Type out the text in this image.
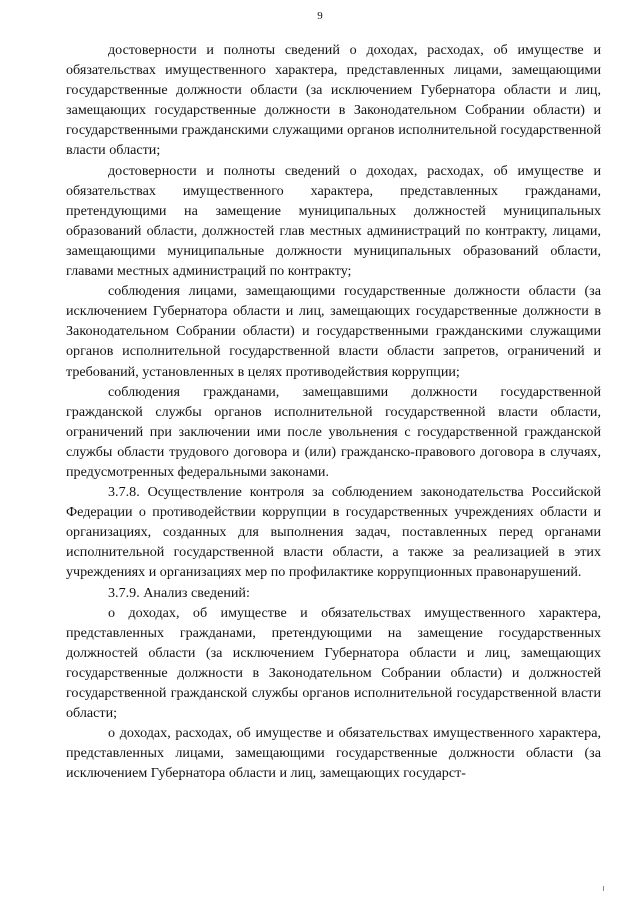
9

достоверности и полноты сведений о доходах, расходах, об имуществе и обязательствах имущественного характера, представленных лицами, замещающими государственные должности области (за исключением Губернатора области и лиц, замещающих государственные должности в Законодательном Собрании области) и государственными гражданскими служащими органов исполнительной государственной власти области;

достоверности и полноты сведений о доходах, расходах, об имуществе и обязательствах имущественного характера, представленных гражданами, претендующими на замещение муниципальных должностей муниципальных образований области, должностей глав местных администраций по контракту, лицами, замещающими муниципальные должности муниципальных образований области, главами местных администраций по контракту;

соблюдения лицами, замещающими государственные должности области (за исключением Губернатора области и лиц, замещающих государственные должности в Законодательном Собрании области) и государственными гражданскими служащими органов исполнительной государственной власти области запретов, ограничений и требований, установленных в целях противодействия коррупции;

соблюдения гражданами, замещавшими должности государственной гражданской службы органов исполнительной государственной власти области, ограничений при заключении ими после увольнения с государственной гражданской службы области трудового договора и (или) гражданско-правового договора в случаях, предусмотренных федеральными законами.

3.7.8. Осуществление контроля за соблюдением законодательства Российской Федерации о противодействии коррупции в государственных учреждениях области и организациях, созданных для выполнения задач, поставленных перед органами исполнительной государственной власти области, а также за реализацией в этих учреждениях и организациях мер по профилактике коррупционных правонарушений.

3.7.9. Анализ сведений:

о доходах, об имуществе и обязательствах имущественного характера, представленных гражданами, претендующими на замещение государственных должностей области (за исключением Губернатора области и лиц, замещающих государственные должности в Законодательном Собрании области) и должностей государственной гражданской службы органов исполнительной государственной власти области;

о доходах, расходах, об имуществе и обязательствах имущественного характера, представленных лицами, замещающими государственные должности области (за исключением Губернатора области и лиц, замещающих государст-
